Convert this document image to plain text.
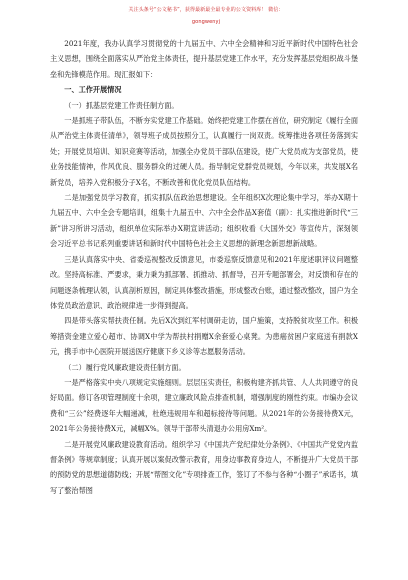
关注头条号“公文秘书”，获得最新最全最专业的公文资料库！ 微信：gongwenyj

2021年度，我办认真学习贯彻党的十九届五中、六中全会精神和习近平新时代中国特色社会主义思想，围绕全面落实从严治党主体责任，提升基层党建工作水平，充分发挥基层党组织战斗堡垒和先锋模范作用。现汇报如下：

一、工作开展情况

（一）抓基层党建工作责任制方面。

一是抓班子带队伍，不断夯实党建工作基础。始终把党建工作摆在首位，研究制定《履行全面从严治党主体责任清单》，领导班子成员按照分工，认真履行一岗双责。统筹推进各项任务落到实处；开展党员培训、知识竞赛等活动，加强全办党员干部队伍建设，使广大党员成为支部党员，使业务技能情神，作风优良、服务群众的过硬人员。指导制定党群党员规划，今年以来，共发展X名新党员，培养入党积极分子X名，不断改善和优化党员队伍结构。

二是加强党员学习教育，抓实抓队伍政治思想建设。全年组织X次理论集中学习，举办X期十九届五中、六中全会专题培训，组集十九届五中、六中全会作品X套值（副）：扎实推进新时代“三新”讲习所讲习活动，组织单位实际举办X期宣讲活动；组织收看《大国外交》等宣传片，深刻领会习近平总书记系列重要讲话和新时代中国特色社会主义思想的新理念新思想新战略。

三是认真落实中央、省委巡视整改反馈意见，市委巡察反馈意见和2021年度述职评议问题整改。坚持高标准、严要求，秉力秉为抓部署、抓推动、抓督导，召开专题部署会，对反馈和存在的问题逐条梳理认领，认真剖析原因，制定具体整改措施，形成整改台账，通过整改整改，国户为全体党员政治意识、政治规律进一步得到提高。

四是带头落实帮扶责任制。先后X次到红军村调研走访，国户施策，支持脱贫攻坚工作。积极筹措资金建立爱心超市、协调X中学为帮扶村捐赠X余套爱心桌凳。为患癌贫困户家庭送有捐款X元，携手市中心医院开展送医疗健康下乡义诊等志愿服务活动。

（二）履行党风廉政建设责任制方面。

一是严格落实中央八项规定实施细则。层层压实责任，积极构建齐抓共管、人人共同遵守的良好局面。修订各项管理制度十余项，建立廉政风险点排查机制，增强制度的刚性约束。市编办会议费和“三公”经费逐年大幅递减，杜绝违规用车和超标接待等问题。从2021年的公务接待费X元，2021年公务接待费X元，减幅X%。领导干部带头清退办公用房Xm²。

二是开展党风廉政建设教育活动。组织学习《中国共产党纪律处分条例》、《中国共产党党内监督条例》等规章制度；认真开展以案促改警示教育，用身边事教育身边人，不断提升广大党员干部的预防党的思想道德防线；开展“帮图文化”专项排查工作，签订了不参与各种“小圈子”承诺书，填写了整治帮图
